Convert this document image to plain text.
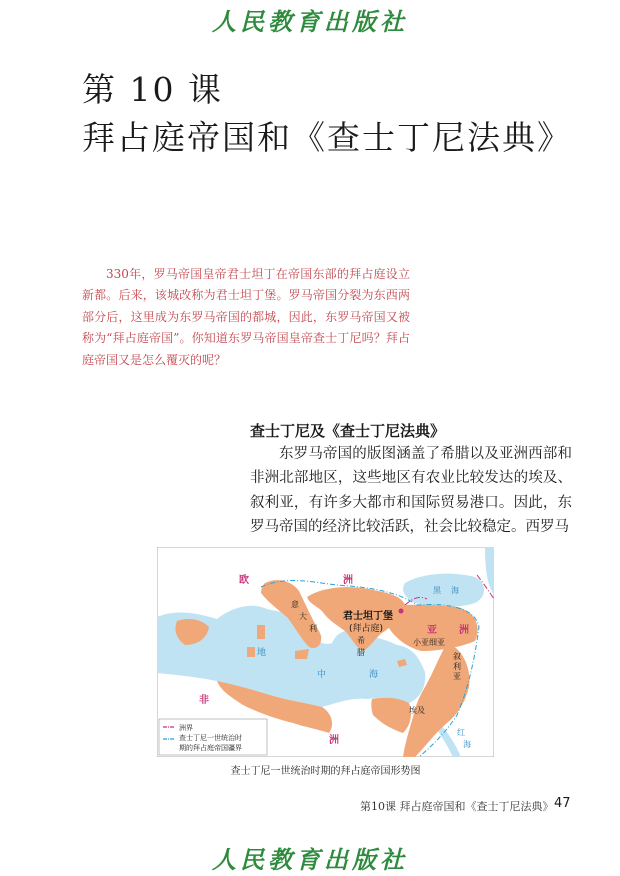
人民教育出版社
第 10 课
拜占庭帝国和《查士丁尼法典》

330年，罗马帝国皇帝君士坦丁在帝国东部的拜占庭设立新都。后来，该城改称为君士坦丁堡。罗马帝国分裂为东西两部分后，这里成为东罗马帝国的都城，因此，东罗马帝国又被称为“拜占庭帝国”。你知道东罗马帝国皇帝查士丁尼吗？拜占庭帝国又是怎么覆灭的呢？

查士丁尼及《查士丁尼法典》

东罗马帝国的版图涵盖了希腊以及亚洲西部和非洲北部地区，这些地区有农业比较发达的埃及、叙利亚，有许多大都市和国际贸易港口。因此，东罗马帝国的经济比较活跃，社会比较稳定。西罗马

欧	洲
亚 洲
非
洲
意
大
利
希
腊
小亚细亚
叙
利
亚
埃及
君士坦丁堡
(拜占庭)
地
中	海
黑 海
红
海
洲界
查士丁尼一世统治时
期的拜占庭帝国疆界
查士丁尼一世统治时期的拜占庭帝国形势图
第10课 拜占庭帝国和《查士丁尼法典》 47
人民教育出版社
